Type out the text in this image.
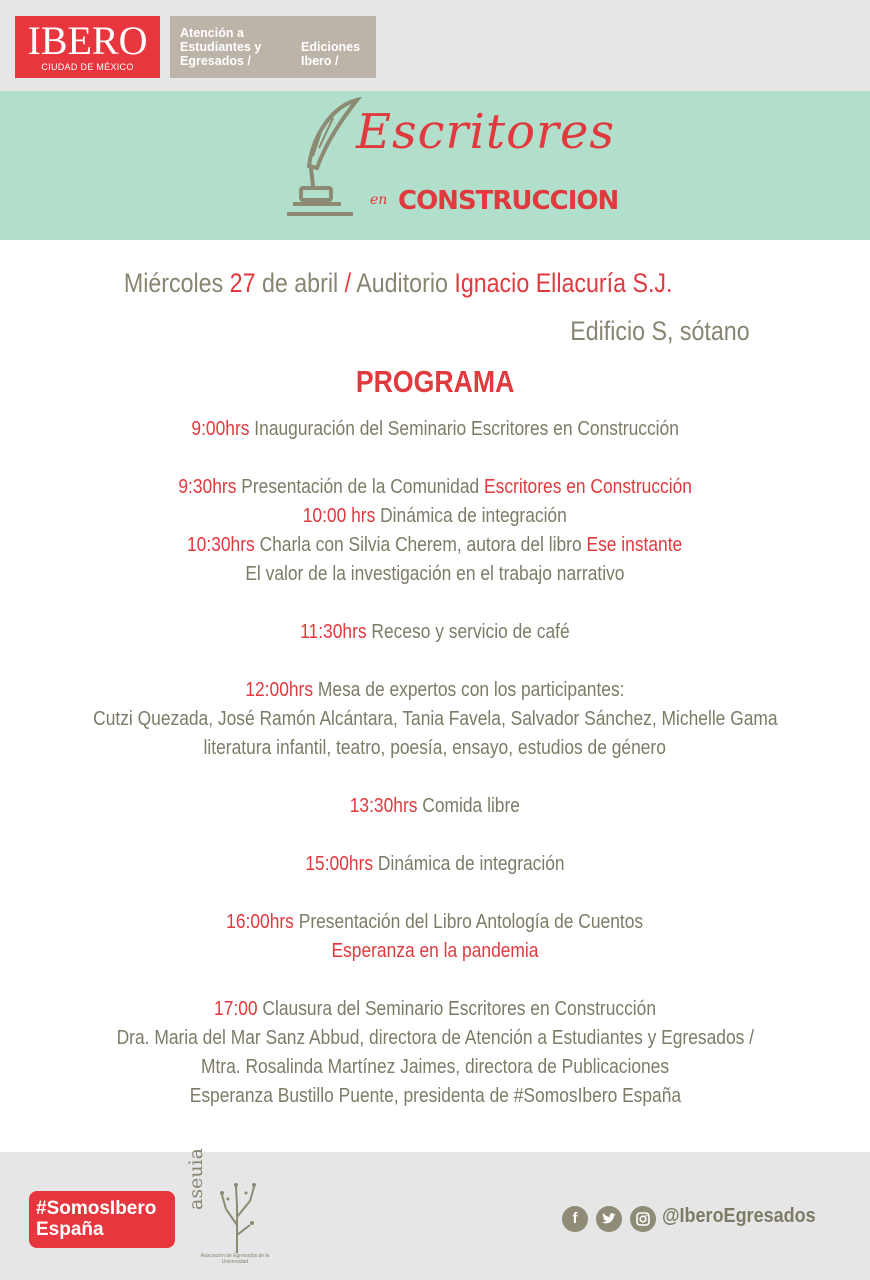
IBERO
CIUDAD DE MÉXICO
Atención a Estudiantes y Egresados /
Ediciones Ibero /
Escritores
en CONSTRUCCION
Miércoles 27 de abril / Auditorio Ignacio Ellacuría S.J.
Edificio S, sótano
PROGRAMA
9:00hrs Inauguración del Seminario Escritores en Construcción
9:30hrs Presentación de la Comunidad Escritores en Construcción
10:00 hrs Dinámica de integración
10:30hrs Charla con Silvia Cherem, autora del libro Ese instante
El valor de la investigación en el trabajo narrativo
11:30hrs Receso y servicio de café
12:00hrs Mesa de expertos con los participantes:
Cutzi Quezada, José Ramón Alcántara, Tania Favela, Salvador Sánchez, Michelle Gama
literatura infantil, teatro, poesía, ensayo, estudios de género
13:30hrs Comida libre
15:00hrs Dinámica de integración
16:00hrs Presentación del Libro Antología de Cuentos
Esperanza en la pandemia
17:00 Clausura del Seminario Escritores en Construcción
Dra. Maria del Mar Sanz Abbud, directora de Atención a Estudiantes y Egresados /
Mtra. Rosalinda Martínez Jaimes, directora de Publicaciones
Esperanza Bustillo Puente, presidenta de #SomosIbero España
#SomosIbero
España
aseuia
Asociación de Egresados de la Universidad
f	@IberoEgresados
